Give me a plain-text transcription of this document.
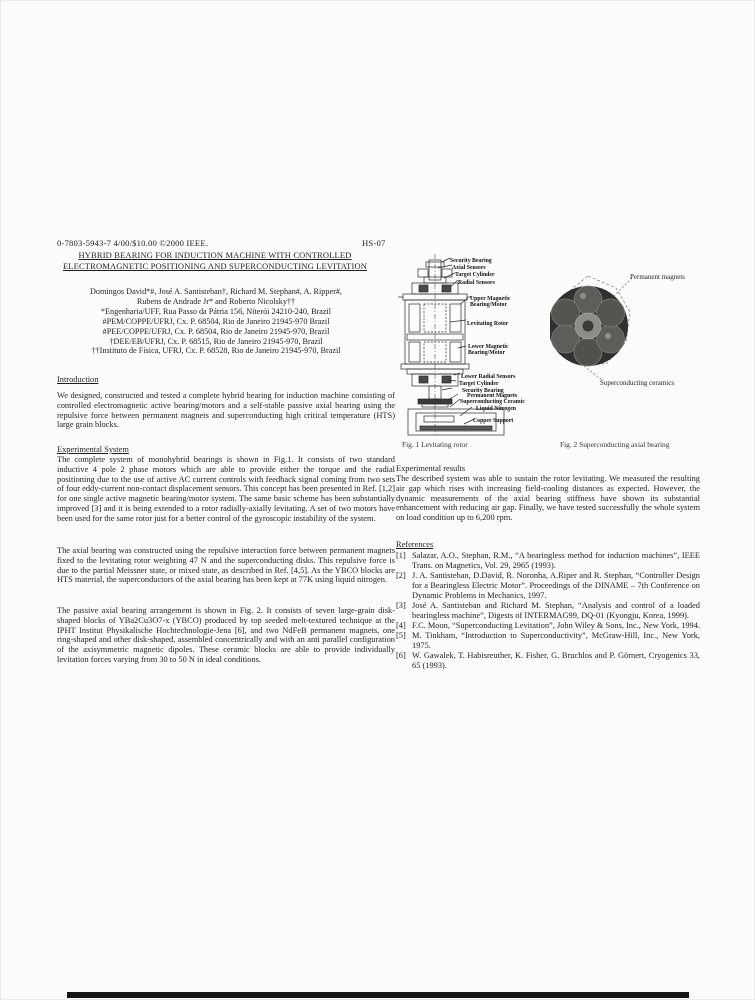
0-7803-5943-7 4/00/$10.00 ©2000 IEEE.	HS-07
HYBRID BEARING FOR INDUCTION MACHINE WITH CONTROLLED
ELECTROMAGNETIC POSITIONING AND SUPERCONDUCTING LEVITATION
Domingos David*#, José A. Santisteban†, Richard M. Stephan#, A. Ripper#,
Rubens de Andrade Jr* and Roberto Nicolsky††
*Engenharia/UFF, Rua Passo da Pátria 156, Niterói 24210-240, Brazil
#PEM/COPPE/UFRJ, Cx. P. 68504, Rio de Janeiro 21945-970 Brazil
#PEE/COPPE/UFRJ, Cx. P. 68504, Rio de Janeiro 21945-970, Brazil
†DEE/EB/UFRJ, Cx. P. 68515, Rio de Janeiro 21945-970, Brazil
††Instituto de Física, UFRJ, Cx. P. 68528, Rio de Janeiro 21945-970, Brazil
Introduction
We designed, constructed and tested a complete hybrid bearing for induction machine consisting of controlled electromagnetic active bearing/motors and a self-stable passive axial bearing using the repulsive force between permanent magnets and superconducting high critical temperature (HTS) large grain blocks.
Experimental System
The complete system of monohybrid bearings is shown in Fig.1. It consists of two standard inductive 4 pole 2 phase motors which are able to provide either the torque and the radial positioning due to the use of active AC current controls with feedback signal coming from two sets of four eddy-current non-contact displacement sensors. This concept has been presented in Ref. [1,2] for one single active magnetic bearing/motor system. The same basic scheme has been substantially improved [3] and it is being extended to a rotor radially-axially levitating. A set of two motors have been used for the same rotor just for a better control of the gyroscopic instability of the system.
The axial bearing was constructed using the repulsive interaction force between permanent magnets fixed to the levitating rotor weighting 47 N and the superconducting disks. This repulsive force is due to the partial Meissner state, or mixed state, as described in Ref. [4,5]. As the YBCO blocks are HTS material, the superconductors of the axial bearing has been kept at 77K using liquid nitrogen.
The passive axial bearing arrangement is shown in Fig. 2. It consists of seven large-grain disk-shaped blocks of YBa2Cu3O7-x (YBCO) produced by top seeded melt-textured technique at the IPHT Institut Physikalische Hochtechnologie-Jena [6], and two NdFeB permanent magnets, one ring-shaped and other disk-shaped, assembled concentrically and with an anti parallel configuration of the axisymmetric magnetic dipoles. These ceramic blocks are able to provide individually levitation forces varying from 30 to 50 N in ideal conditions.
Security Bearing
Axial Sensors
Target Cylinder
Radial Sensors
Upper Magnetic Bearing/Motor
Levitating Rotor
Lower Magnetic Bearing/Motor
Lower Radial Sensors
Target Cylinder
Security Bearing
Permanent Magnets
Superconducting Ceramic
Liquid Nitrogen
Copper Support
Permanent magnets
Superconducting ceramics
Fig. 1 Levitating rotor	Fig. 2 Superconducting axial bearing
Experimental results
The described system was able to sustain the rotor levitating. We measured the resulting air gap which rises with increasing field-cooling distances as expected. However, the dynamic measurements of the axial bearing stiffness have shown its substantial enhancement with reducing air gap. Finally, we have tested successfully the whole system on load condition up to 6,200 rpm.
References
[1] Salazar, A.O., Stephan, R.M., “A bearingless method for induction machines”, IEEE Trans. on Magnetics, Vol. 29, 2965 (1993).
[2] J. A. Santisteban, D.David, R. Noronha, A.Riper and R. Stephan, “Controller Design for a Bearingless Electric Motor”. Proceedings of the DINAME – 7th Conference on Dynamic Problems in Mechanics, 1997.
[3] José A. Santisteban and Richard M. Stephan, “Analysis and control of a loaded bearingless machine”, Digests of INTERMAG99, DQ-01 (Kyongju, Korea, 1999).
[4] F.C. Moon, “Superconducting Levitation”, John Wiley & Sons, Inc., New York, 1994.
[5] M. Tinkham, “Introduction to Superconductivity”, McGraw-Hill, Inc., New York, 1975.
[6] W. Gawalek, T. Habisreuther, K. Fisher, G. Bruchlos and P. Görnert, Cryogenics 33, 65 (1993).
